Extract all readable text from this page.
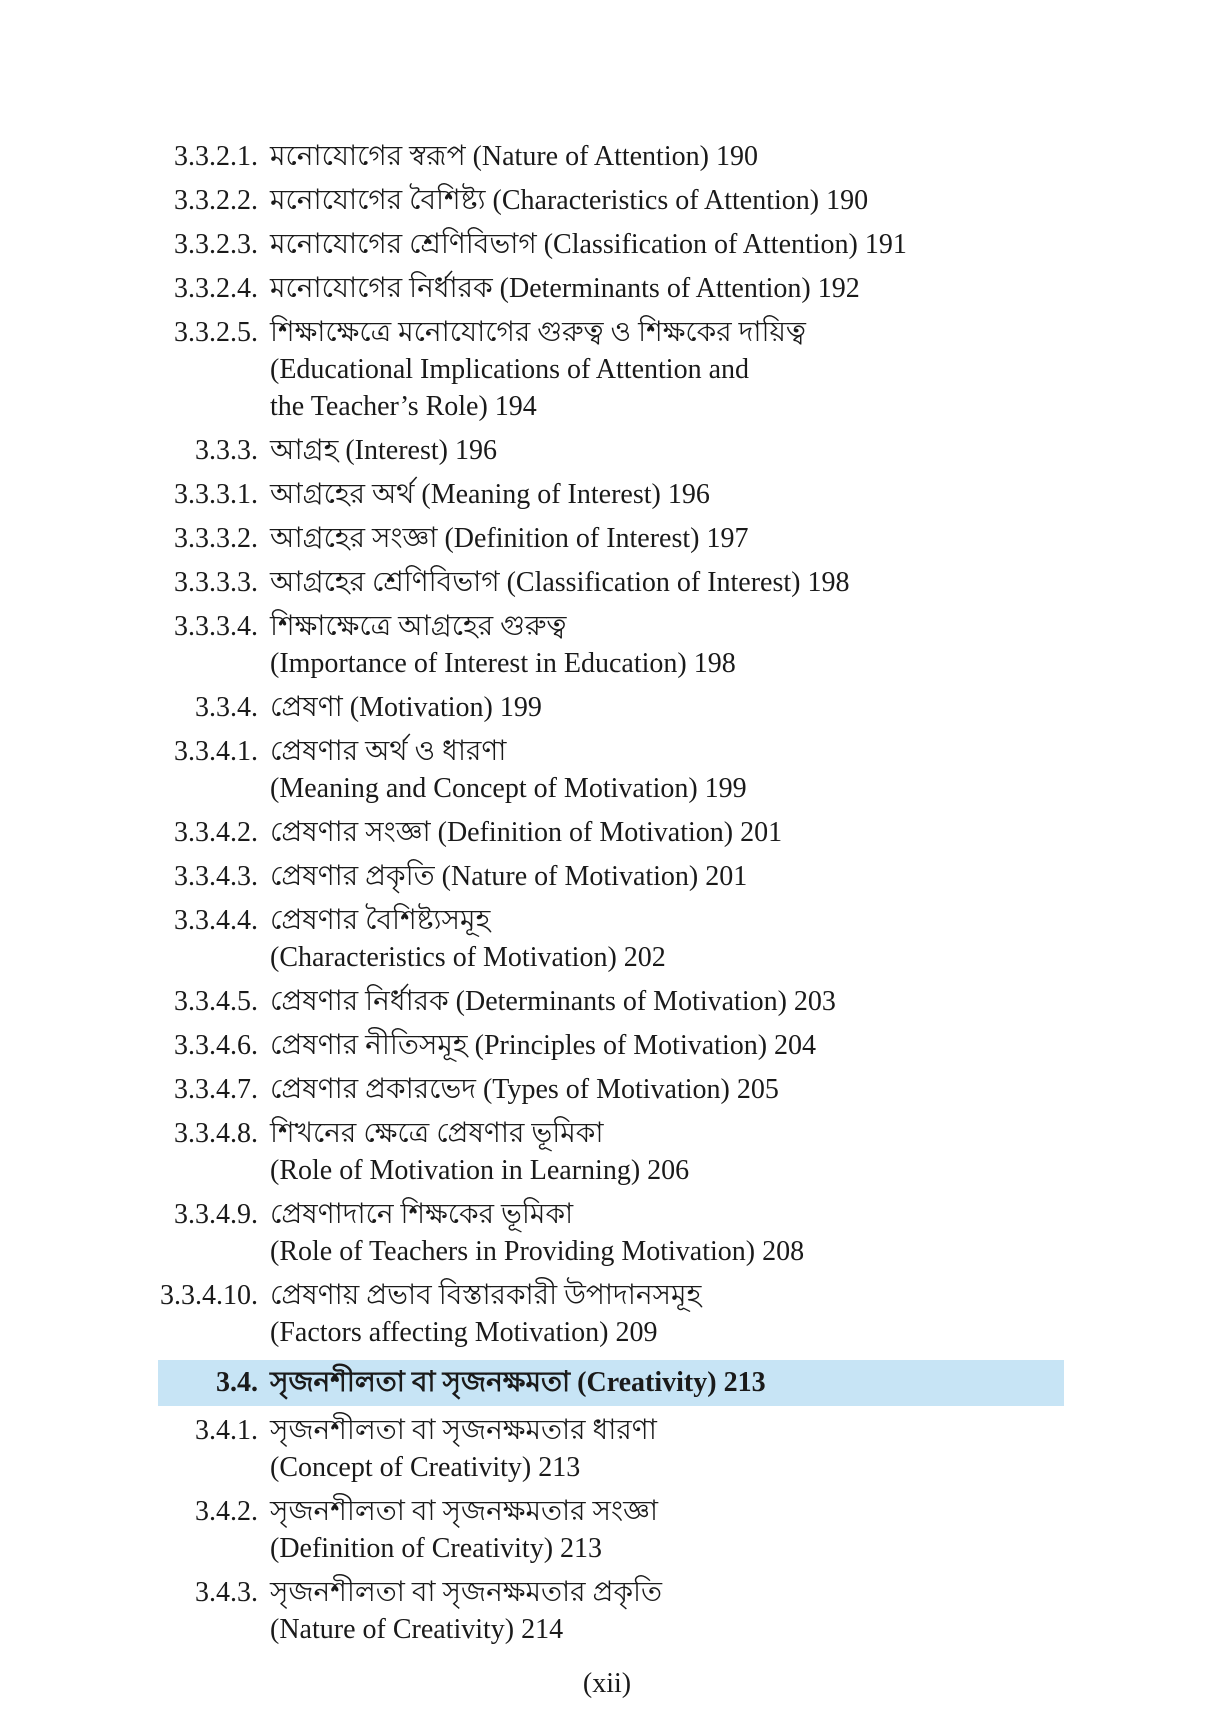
3.3.2.1. মনোযোগের স্বরূপ (Nature of Attention) 190
3.3.2.2. মনোযোগের বৈশিষ্ট্য (Characteristics of Attention) 190
3.3.2.3. মনোযোগের শ্রেণিবিভাগ (Classification of Attention) 191
3.3.2.4. মনোযোগের নির্ধারক (Determinants of Attention) 192
3.3.2.5. শিক্ষাক্ষেত্রে মনোযোগের গুরুত্ব ও শিক্ষকের দায়িত্ব
(Educational Implications of Attention and
the Teacher’s Role) 194
3.3.3. আগ্রহ (Interest) 196
3.3.3.1. আগ্রহের অর্থ (Meaning of Interest) 196
3.3.3.2. আগ্রহের সংজ্ঞা (Definition of Interest) 197
3.3.3.3. আগ্রহের শ্রেণিবিভাগ (Classification of Interest) 198
3.3.3.4. শিক্ষাক্ষেত্রে আগ্রহের গুরুত্ব
(Importance of Interest in Education) 198
3.3.4. প্রেষণা (Motivation) 199
3.3.4.1. প্রেষণার অর্থ ও ধারণা
(Meaning and Concept of Motivation) 199
3.3.4.2. প্রেষণার সংজ্ঞা (Definition of Motivation) 201
3.3.4.3. প্রেষণার প্রকৃতি (Nature of Motivation) 201
3.3.4.4. প্রেষণার বৈশিষ্ট্যসমূহ
(Characteristics of Motivation) 202
3.3.4.5. প্রেষণার নির্ধারক (Determinants of Motivation) 203
3.3.4.6. প্রেষণার নীতিসমূহ (Principles of Motivation) 204
3.3.4.7. প্রেষণার প্রকারভেদ (Types of Motivation) 205
3.3.4.8. শিখনের ক্ষেত্রে প্রেষণার ভূমিকা
(Role of Motivation in Learning) 206
3.3.4.9. প্রেষণাদানে শিক্ষকের ভূমিকা
(Role of Teachers in Providing Motivation) 208
3.3.4.10. প্রেষণায় প্রভাব বিস্তারকারী উপাদানসমূহ
(Factors affecting Motivation) 209
3.4. সৃজনশীলতা বা সৃজনক্ষমতা (Creativity) 213
3.4.1. সৃজনশীলতা বা সৃজনক্ষমতার ধারণা
(Concept of Creativity) 213
3.4.2. সৃজনশীলতা বা সৃজনক্ষমতার সংজ্ঞা
(Definition of Creativity) 213
3.4.3. সৃজনশীলতা বা সৃজনক্ষমতার প্রকৃতি
(Nature of Creativity) 214
(xii)
